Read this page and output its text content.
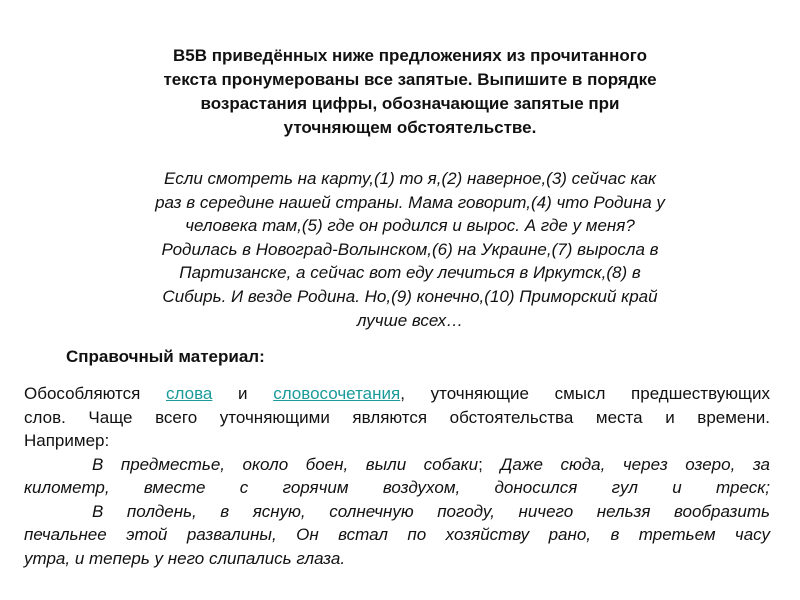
B5В приведённых ниже предложениях из прочитанного
текста пронумерованы все запятые. Выпишите в порядке
возрастания цифры, обозначающие запятые при
уточняющем обстоятельстве.
Если смотреть на карту,(1) то я,(2) наверное,(3) сейчас как
раз в середине нашей страны. Мама говорит,(4) что Родина у
человека там,(5) где он родился и вырос. А где у меня?
Родилась в Новоград-Волынском,(6) на Украине,(7) выросла в
Партизанске, а сейчас вот еду лечиться в Иркутск,(8) в
Сибирь. И везде Родина. Но,(9) конечно,(10) Приморский край
лучше всех…
Справочный материал:
Обособляются слова и словосочетания, уточняющие смысл предшествующих
слов. Чаще всего уточняющими являются обстоятельства места и времени.
Например:
В предместье, около боен, выли собаки; Даже сюда, через озеро, за
километр, вместе с горячим воздухом, доносился гул и треск;
В полдень, в ясную, солнечную погоду, ничего нельзя вообразить
печальнее этой развалины, Он встал по хозяйству рано, в третьем часу
утра, и теперь у него слипались глаза.
